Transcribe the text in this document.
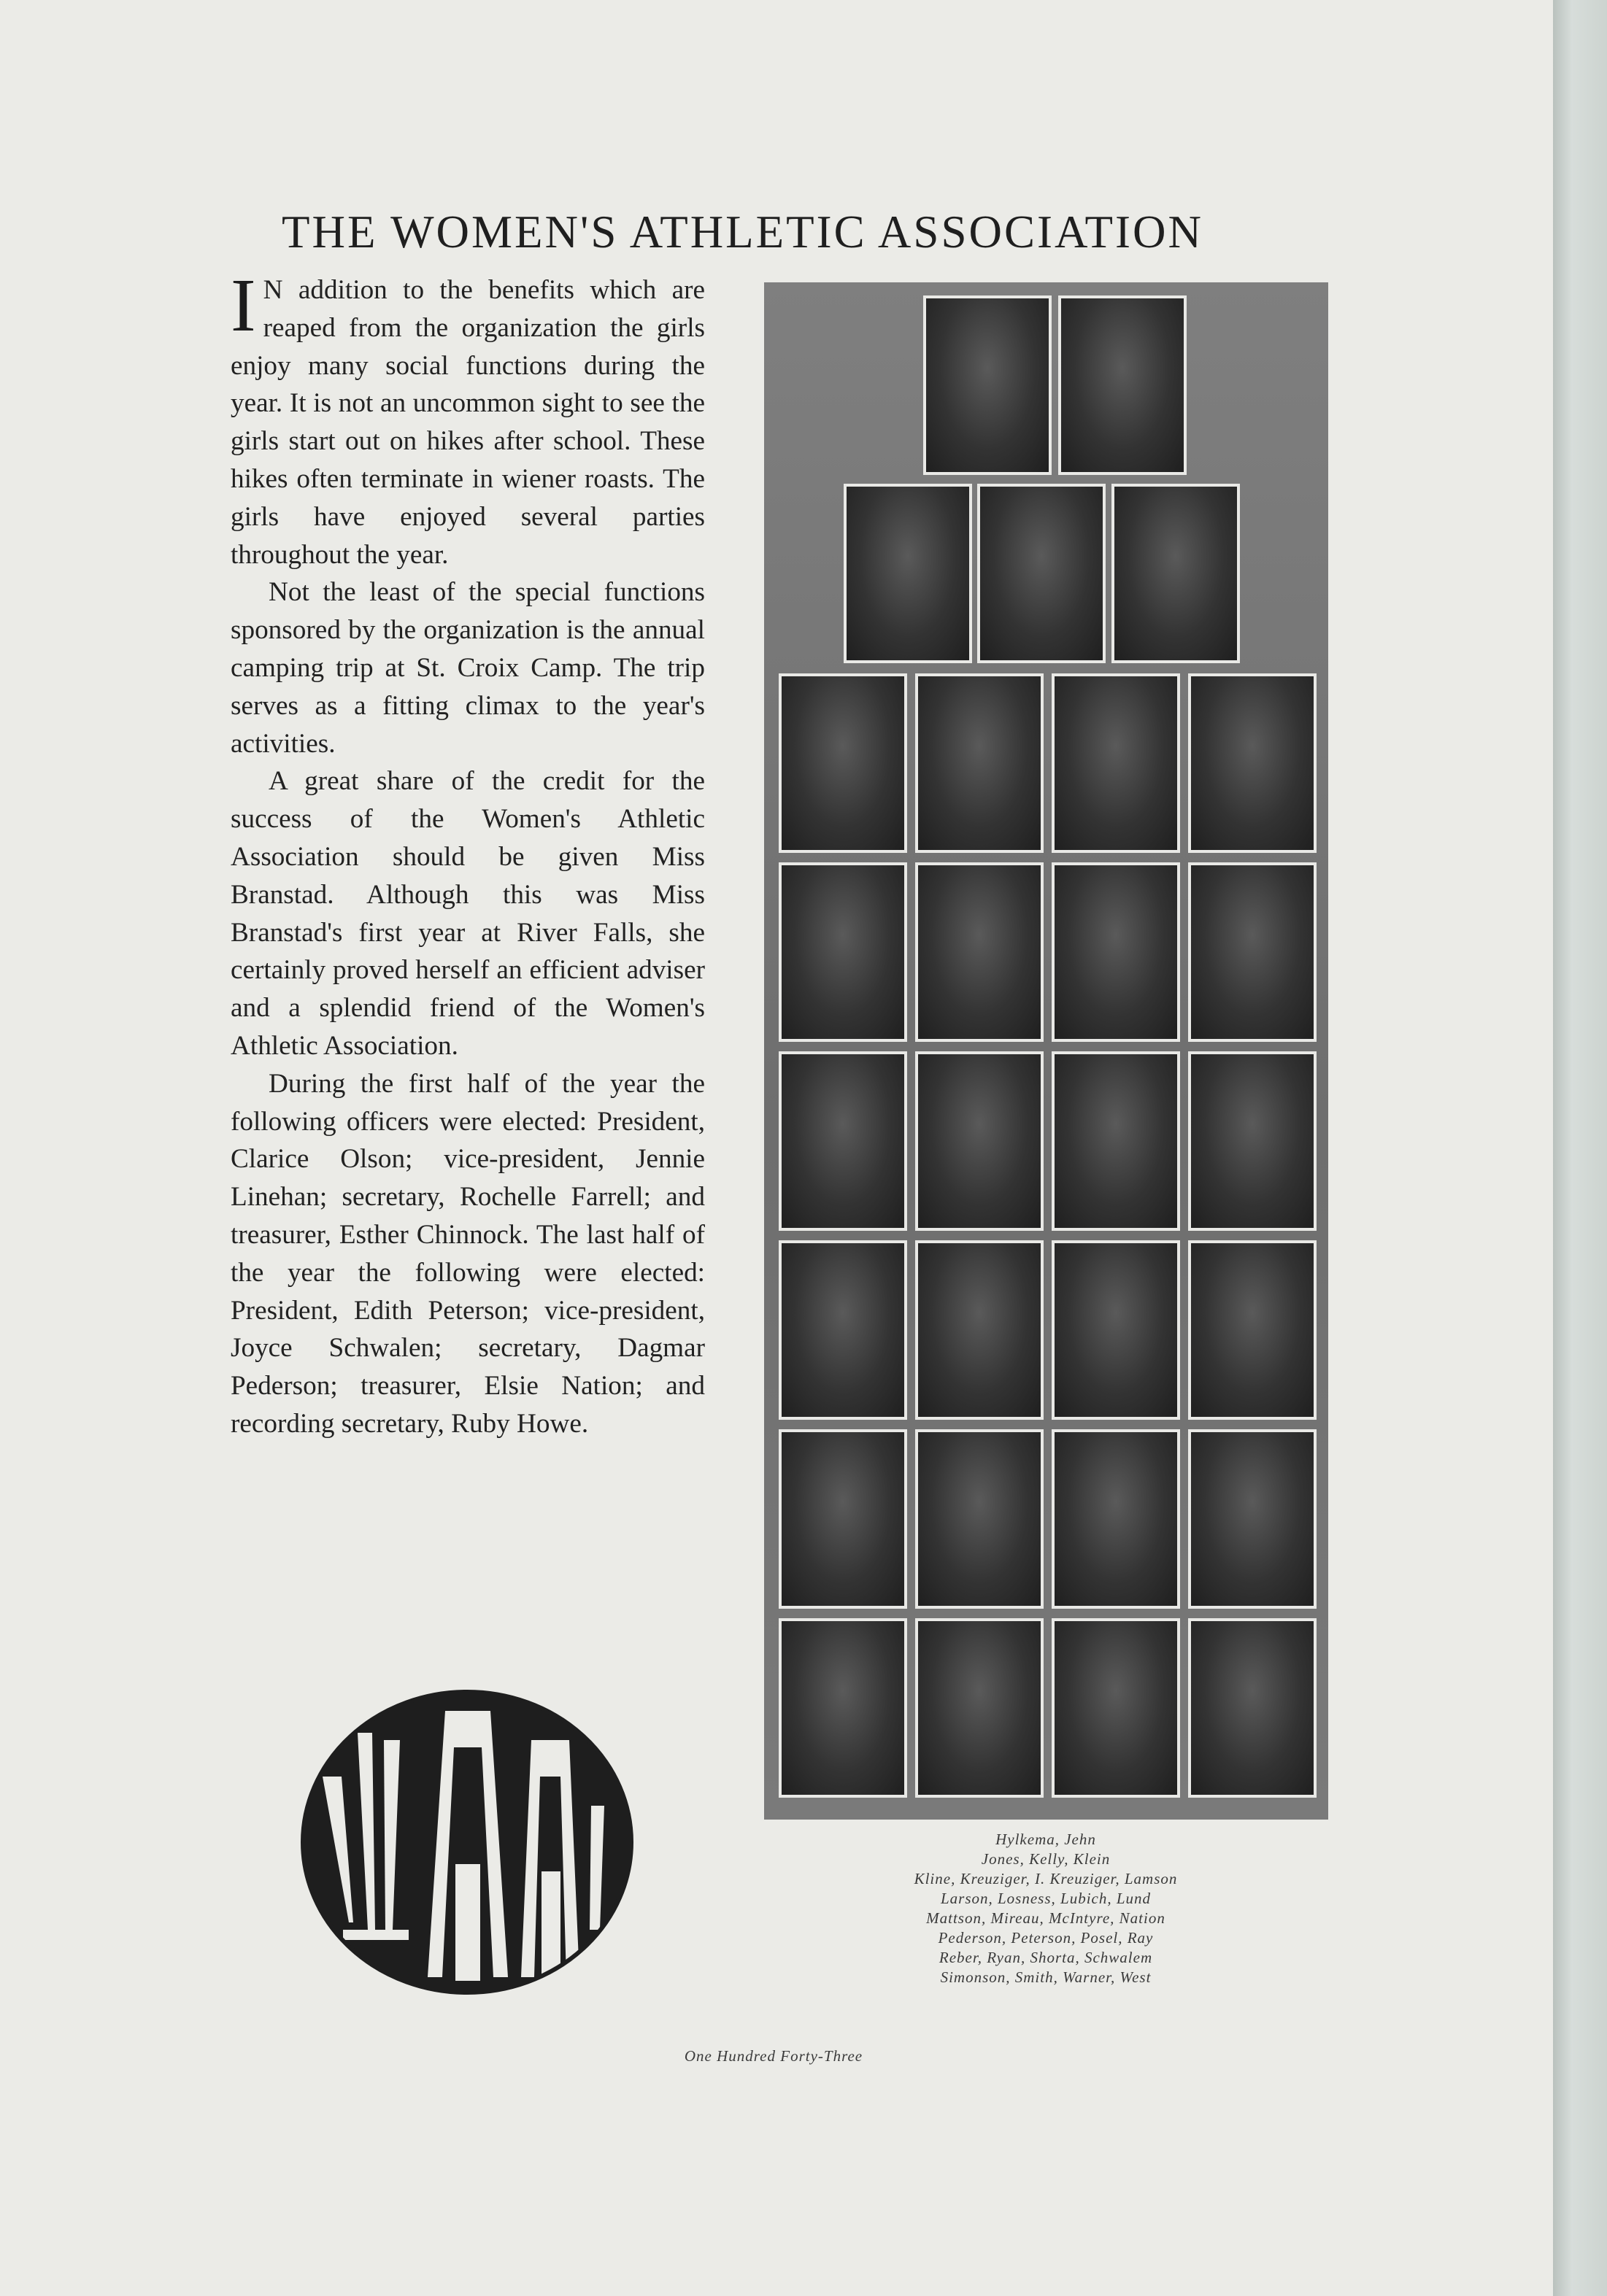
THE WOMEN'S ATHLETIC ASSOCIATION

I N addition to the benefits which are reaped from the organization the girls enjoy many social functions during the year. It is not an uncommon sight to see the girls start out on hikes after school. These hikes often terminate in wiener roasts. The girls have enjoyed several parties throughout the year.

Not the least of the special functions sponsored by the organization is the annual camping trip at St. Croix Camp. The trip serves as a fitting climax to the year's activities.

A great share of the credit for the success of the Women's Athletic Association should be given Miss Branstad. Although this was Miss Branstad's first year at River Falls, she certainly proved herself an efficient adviser and a splendid friend of the Women's Athletic Association.

During the first half of the year the following officers were elected: President, Clarice Olson; vice-president, Jennie Linehan; secretary, Rochelle Farrell; and treasurer, Esther Chinnock. The last half of the year the following were elected: President, Edith Peterson; vice-president, Joyce Schwalen; secretary, Dagmar Pederson; treasurer, Elsie Nation; and recording secretary, Ruby Howe.

Hylkema, Jehn
Jones, Kelly, Klein
Kline, Kreuziger, I. Kreuziger, Lamson
Larson, Losness, Lubich, Lund
Mattson, Mireau, McIntyre, Nation
Pederson, Peterson, Posel, Ray
Reber, Ryan, Shorta, Schwalem
Simonson, Smith, Warner, West
One Hundred Forty-Three
